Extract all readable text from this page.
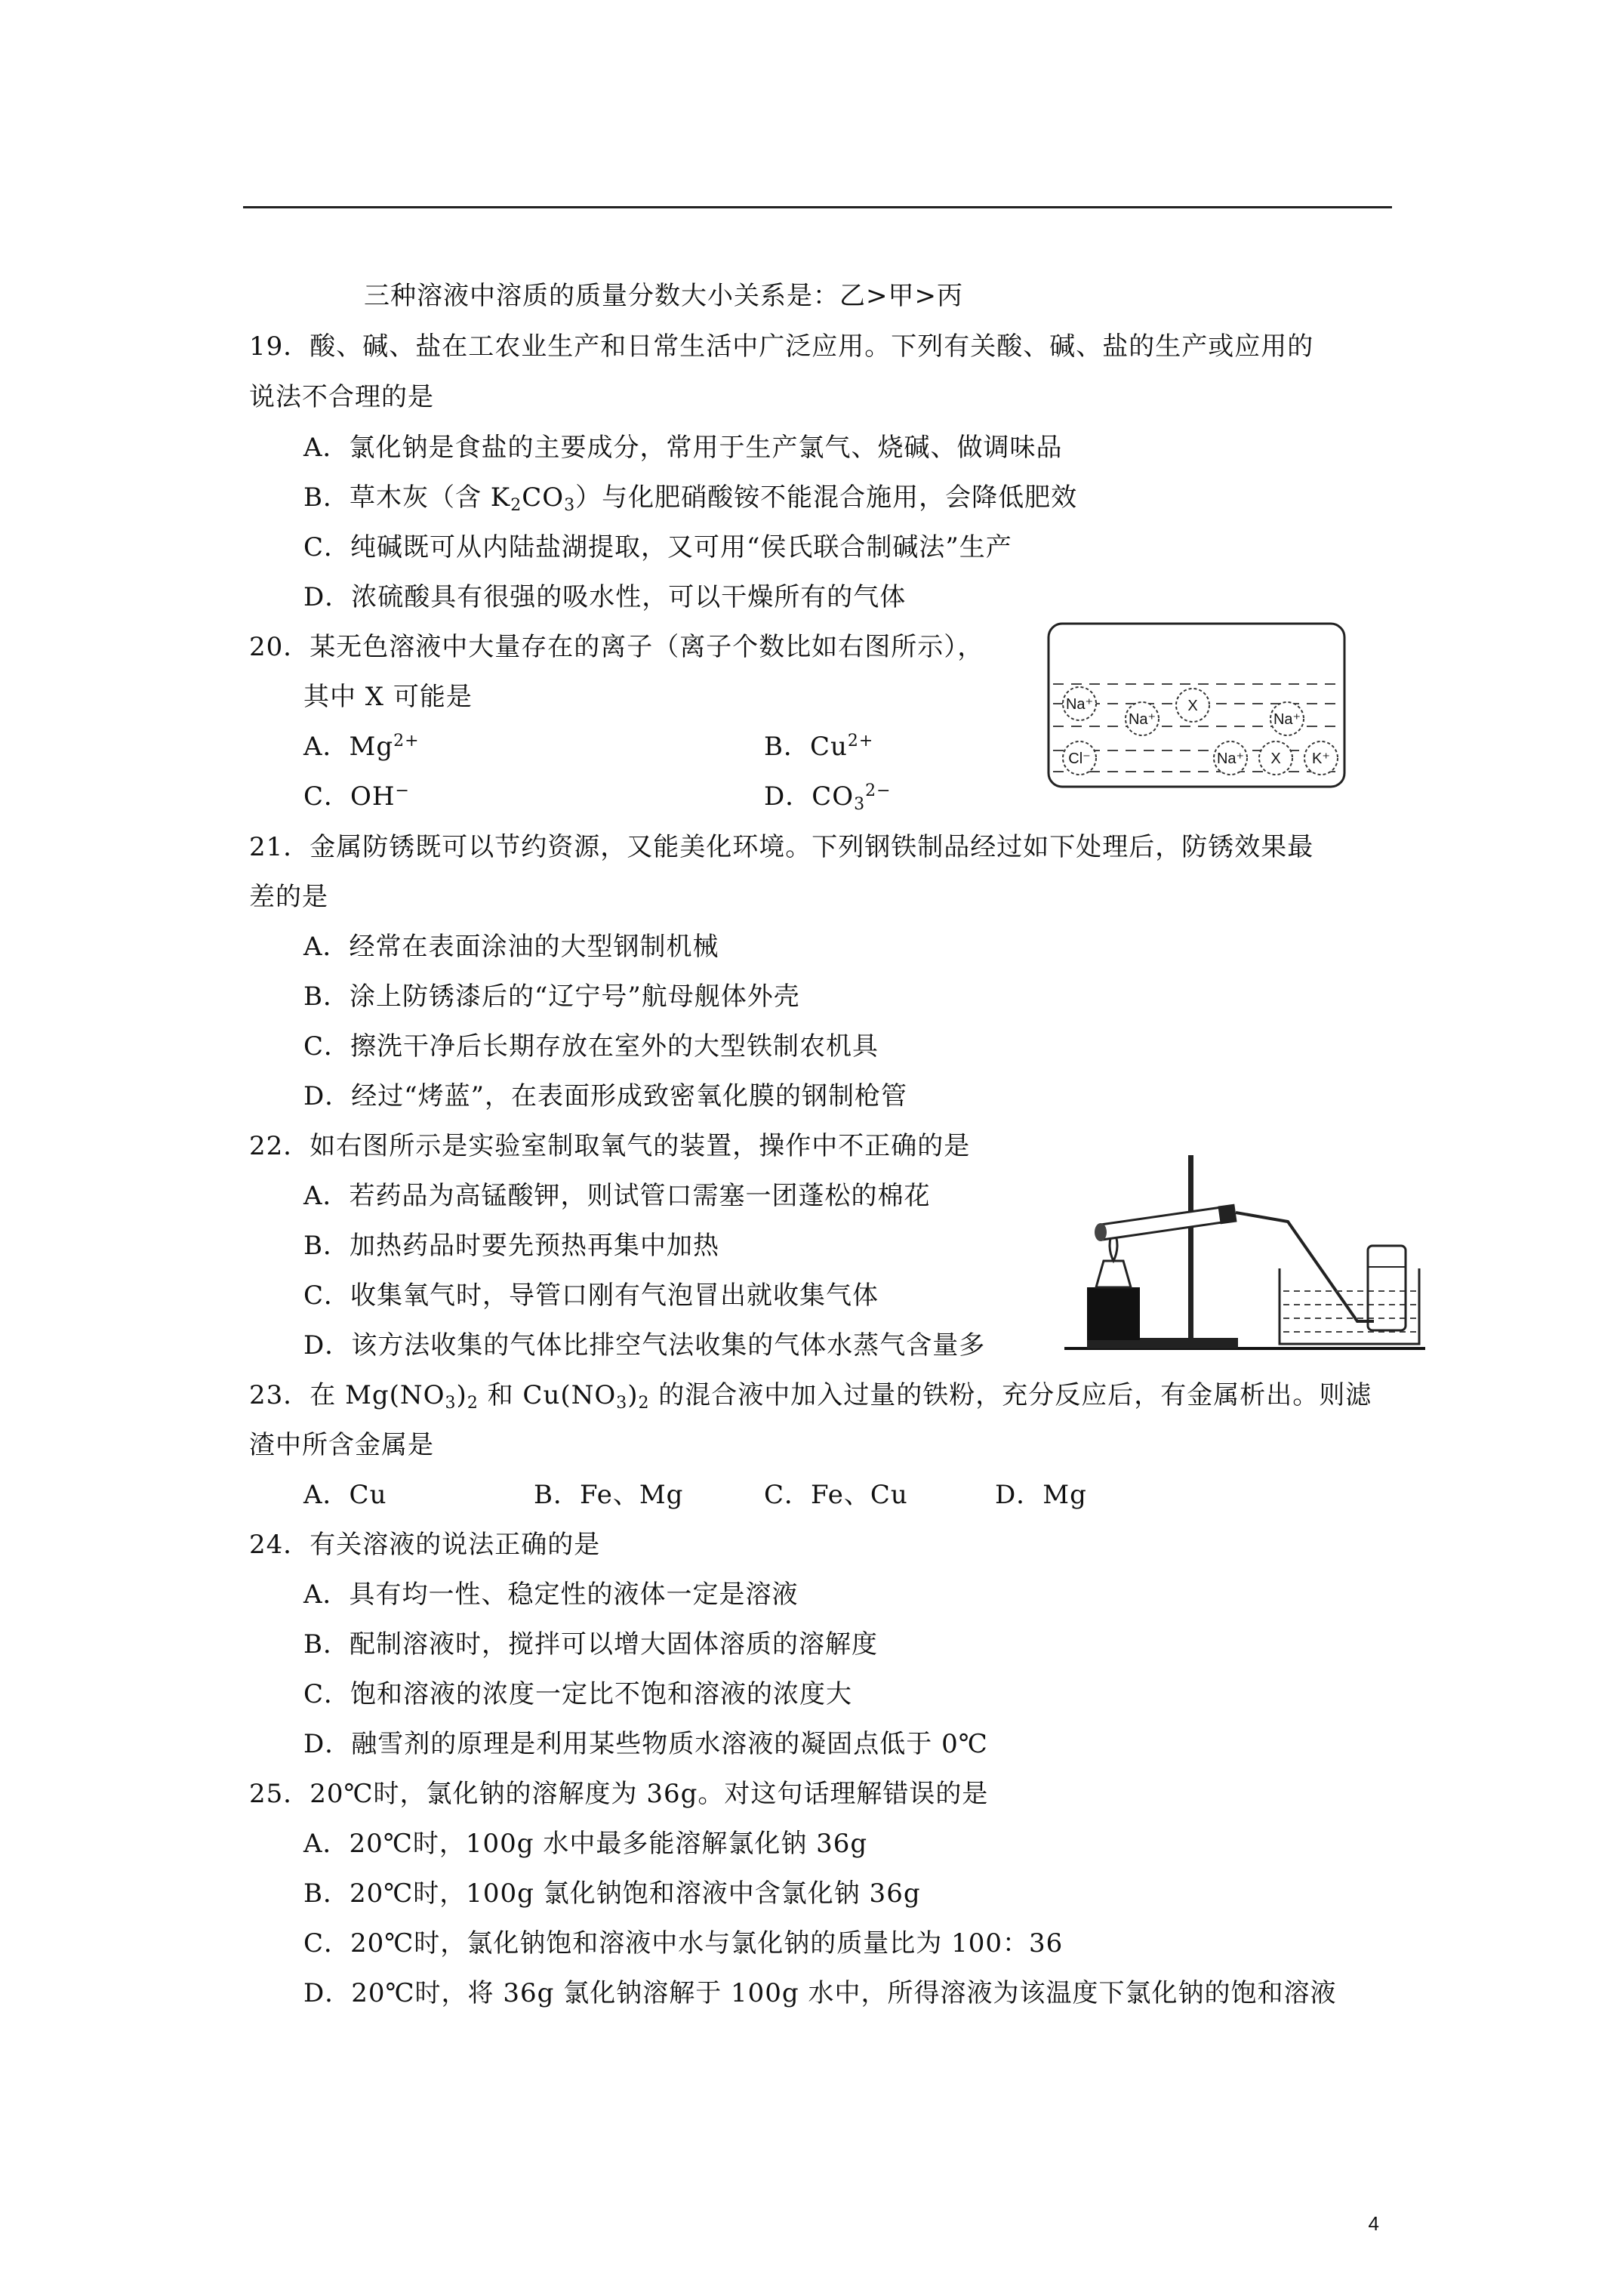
三种溶液中溶质的质量分数大小关系是：乙>甲>丙
19．酸、碱、盐在工农业生产和日常生活中广泛应用。下列有关酸、碱、盐的生产或应用的
说法不合理的是
A．氯化钠是食盐的主要成分，常用于生产氯气、烧碱、做调味品
B．草木灰（含 $K_2CO_3$）与化肥硝酸铵不能混合施用，会降低肥效
C．纯碱既可从内陆盐湖提取，又可用“侯氏联合制碱法”生产
D．浓硫酸具有很强的吸水性，可以干燥所有的气体
20．某无色溶液中大量存在的离子（离子个数比如右图所示），
其中 X 可能是
A．$Mg^{2+}$	B．$Cu^{2+}$
C．OH−	D．$CO_3^{2-}$
Na⁺
Na⁺
X
Na⁺
Cl⁻	Na⁺ X K⁺
21．金属防锈既可以节约资源，又能美化环境。下列钢铁制品经过如下处理后，防锈效果最
差的是
A．经常在表面涂油的大型钢制机械
B．涂上防锈漆后的“辽宁号”航母舰体外壳
C．擦洗干净后长期存放在室外的大型铁制农机具
D．经过“烤蓝”，在表面形成致密氧化膜的钢制枪管
22．如右图所示是实验室制取氧气的装置，操作中不正确的是
A．若药品为高锰酸钾，则试管口需塞一团蓬松的棉花
B．加热药品时要先预热再集中加热
C．收集氧气时，导管口刚有气泡冒出就收集气体
D．该方法收集的气体比排空气法收集的气体水蒸气含量多
23．在 $Mg(NO_3)_2$ 和 $Cu(NO_3)_2$ 的混合液中加入过量的铁粉，充分反应后，有金属析出。则滤
渣中所含金属是
A．Cu	B．Fe、Mg	C．Fe、Cu	D．Mg
24．有关溶液的说法正确的是
A．具有均一性、稳定性的液体一定是溶液
B．配制溶液时，搅拌可以增大固体溶质的溶解度
C．饱和溶液的浓度一定比不饱和溶液的浓度大
D．融雪剂的原理是利用某些物质水溶液的凝固点低于 0℃
25．20℃时，氯化钠的溶解度为 36g。对这句话理解错误的是
A．20℃时，100g 水中最多能溶解氯化钠 36g
B．20℃时，100g 氯化钠饱和溶液中含氯化钠 36g
C．20℃时，氯化钠饱和溶液中水与氯化钠的质量比为 100：36
D．20℃时，将 36g 氯化钠溶解于 100g 水中，所得溶液为该温度下氯化钠的饱和溶液
4
